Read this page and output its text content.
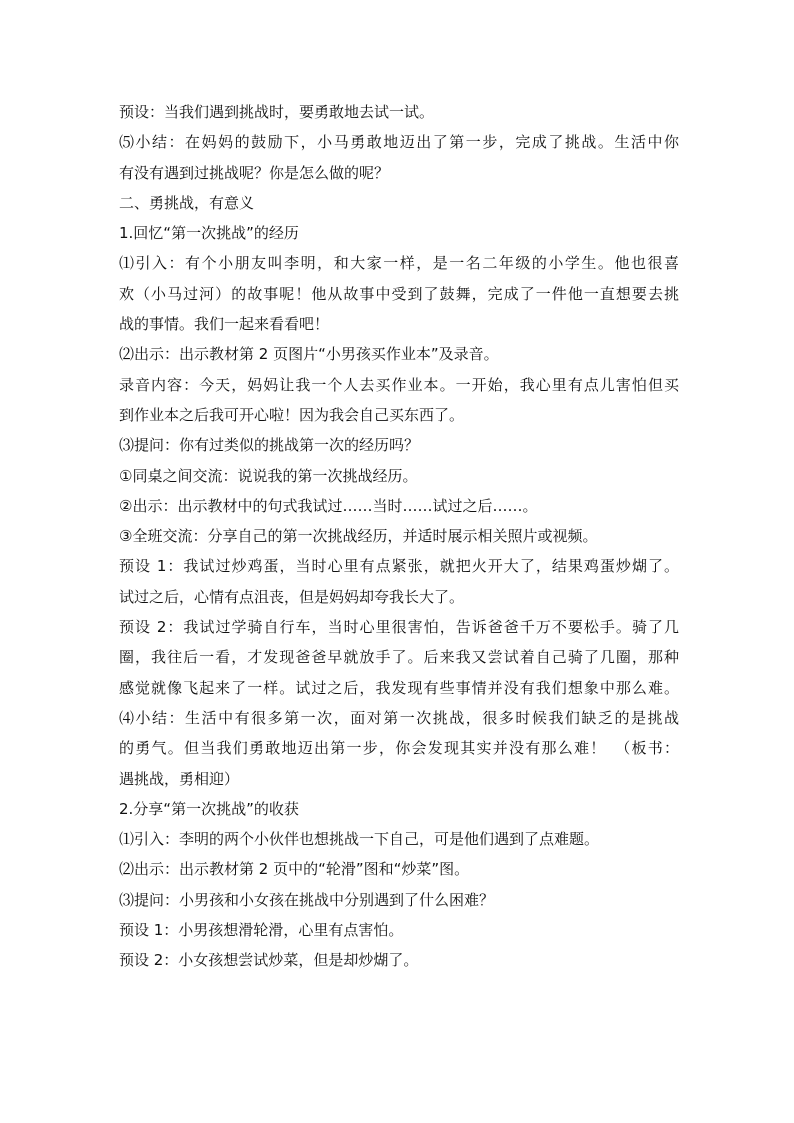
预设：当我们遇到挑战时，要勇敢地去试一试。
⑸小结：在妈妈的鼓励下，小马勇敢地迈出了第一步，完成了挑战。生活中你
有没有遇到过挑战呢？你是怎么做的呢？
二、勇挑战，有意义
1.回忆“第一次挑战”的经历
⑴引入：有个小朋友叫李明，和大家一样，是一名二年级的小学生。他也很喜
欢（小马过河）的故事呢！他从故事中受到了鼓舞，完成了一件他一直想要去挑
战的事情。我们一起来看看吧！
⑵出示：出示教材第 2 页图片“小男孩买作业本”及录音。
录音内容：今天，妈妈让我一个人去买作业本。一开始，我心里有点儿害怕但买
到作业本之后我可开心啦！因为我会自己买东西了。
⑶提问：你有过类似的挑战第一次的经历吗？
①同桌之间交流：说说我的第一次挑战经历。
②出示：出示教材中的句式我试过……当时……试过之后……。
③全班交流：分享自己的第一次挑战经历，并适时展示相关照片或视频。
预设 1：我试过炒鸡蛋，当时心里有点紧张，就把火开大了，结果鸡蛋炒煳了。
试过之后，心情有点沮丧，但是妈妈却夸我长大了。
预设 2：我试过学骑自行车，当时心里很害怕，告诉爸爸千万不要松手。骑了几
圈，我往后一看，才发现爸爸早就放手了。后来我又尝试着自己骑了几圈，那种
感觉就像飞起来了一样。试过之后，我发现有些事情并没有我们想象中那么难。
⑷小结：生活中有很多第一次，面对第一次挑战，很多时候我们缺乏的是挑战
的勇气。但当我们勇敢地迈出第一步，你会发现其实并没有那么难！　（板书：
遇挑战，勇相迎）
2.分享“第一次挑战”的收获
⑴引入：李明的两个小伙伴也想挑战一下自己，可是他们遇到了点难题。
⑵出示：出示教材第 2 页中的“轮滑”图和“炒菜”图。
⑶提问：小男孩和小女孩在挑战中分别遇到了什么困难？
预设 1：小男孩想滑轮滑，心里有点害怕。
预设 2：小女孩想尝试炒菜，但是却炒煳了。
